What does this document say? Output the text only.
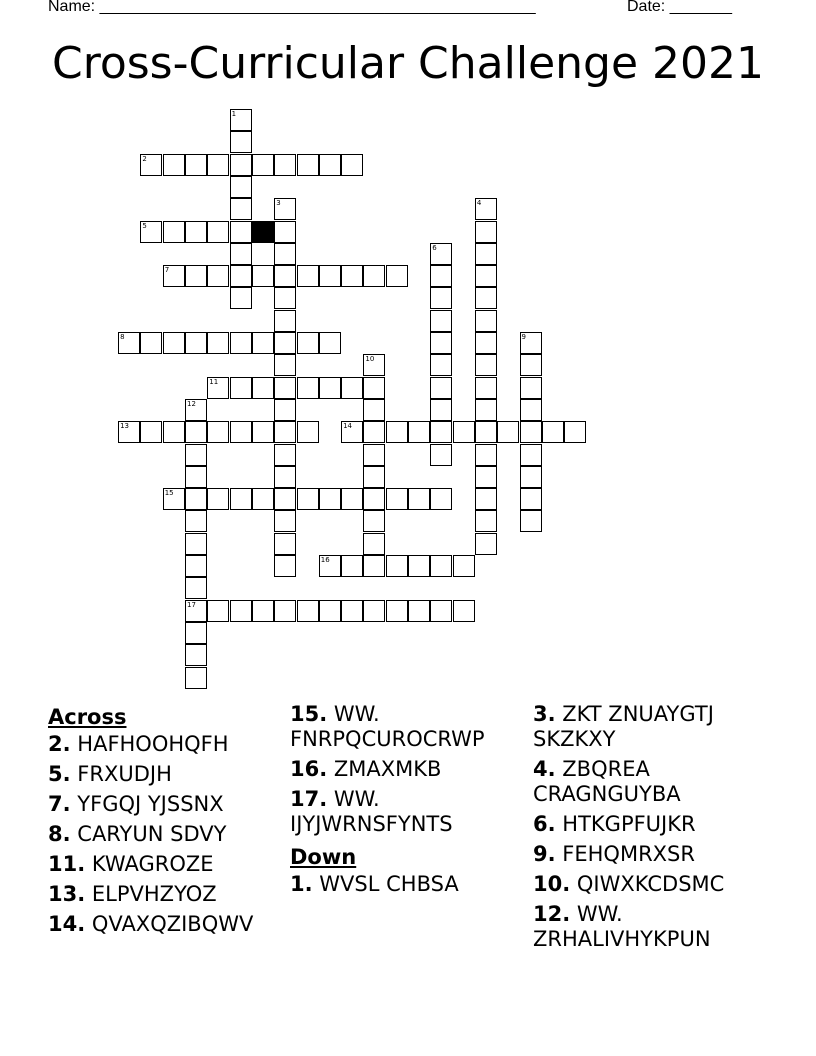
Name: _________________________________________________

	Date: _______

Cross-Curricular Challenge 2021
1
2
3	4
5
6
7
8	9
10
11
12
13	14
15
16
17
Across
2. HAFHOOHQFH
5. FRXUDJH
7. YFGQJ YJSSNX
8. CARYUN SDVY
11. KWAGROZE
13. ELPVHZYOZ
14. QVAXQZIBQWV
15. WW. FNRPQCUROCRWP
16. ZMAXMKB
17. WW. IJYJWRNSFYNTS
Down
1. WVSL CHBSA
3. ZKT ZNUAYGTJ SKZKXY
4. ZBQREA CRAGNGUYBA
6. HTKGPFUJKR
9. FEHQMRXSR
10. QIWXKCDSMC
12. WW. ZRHALIVHYKPUN
